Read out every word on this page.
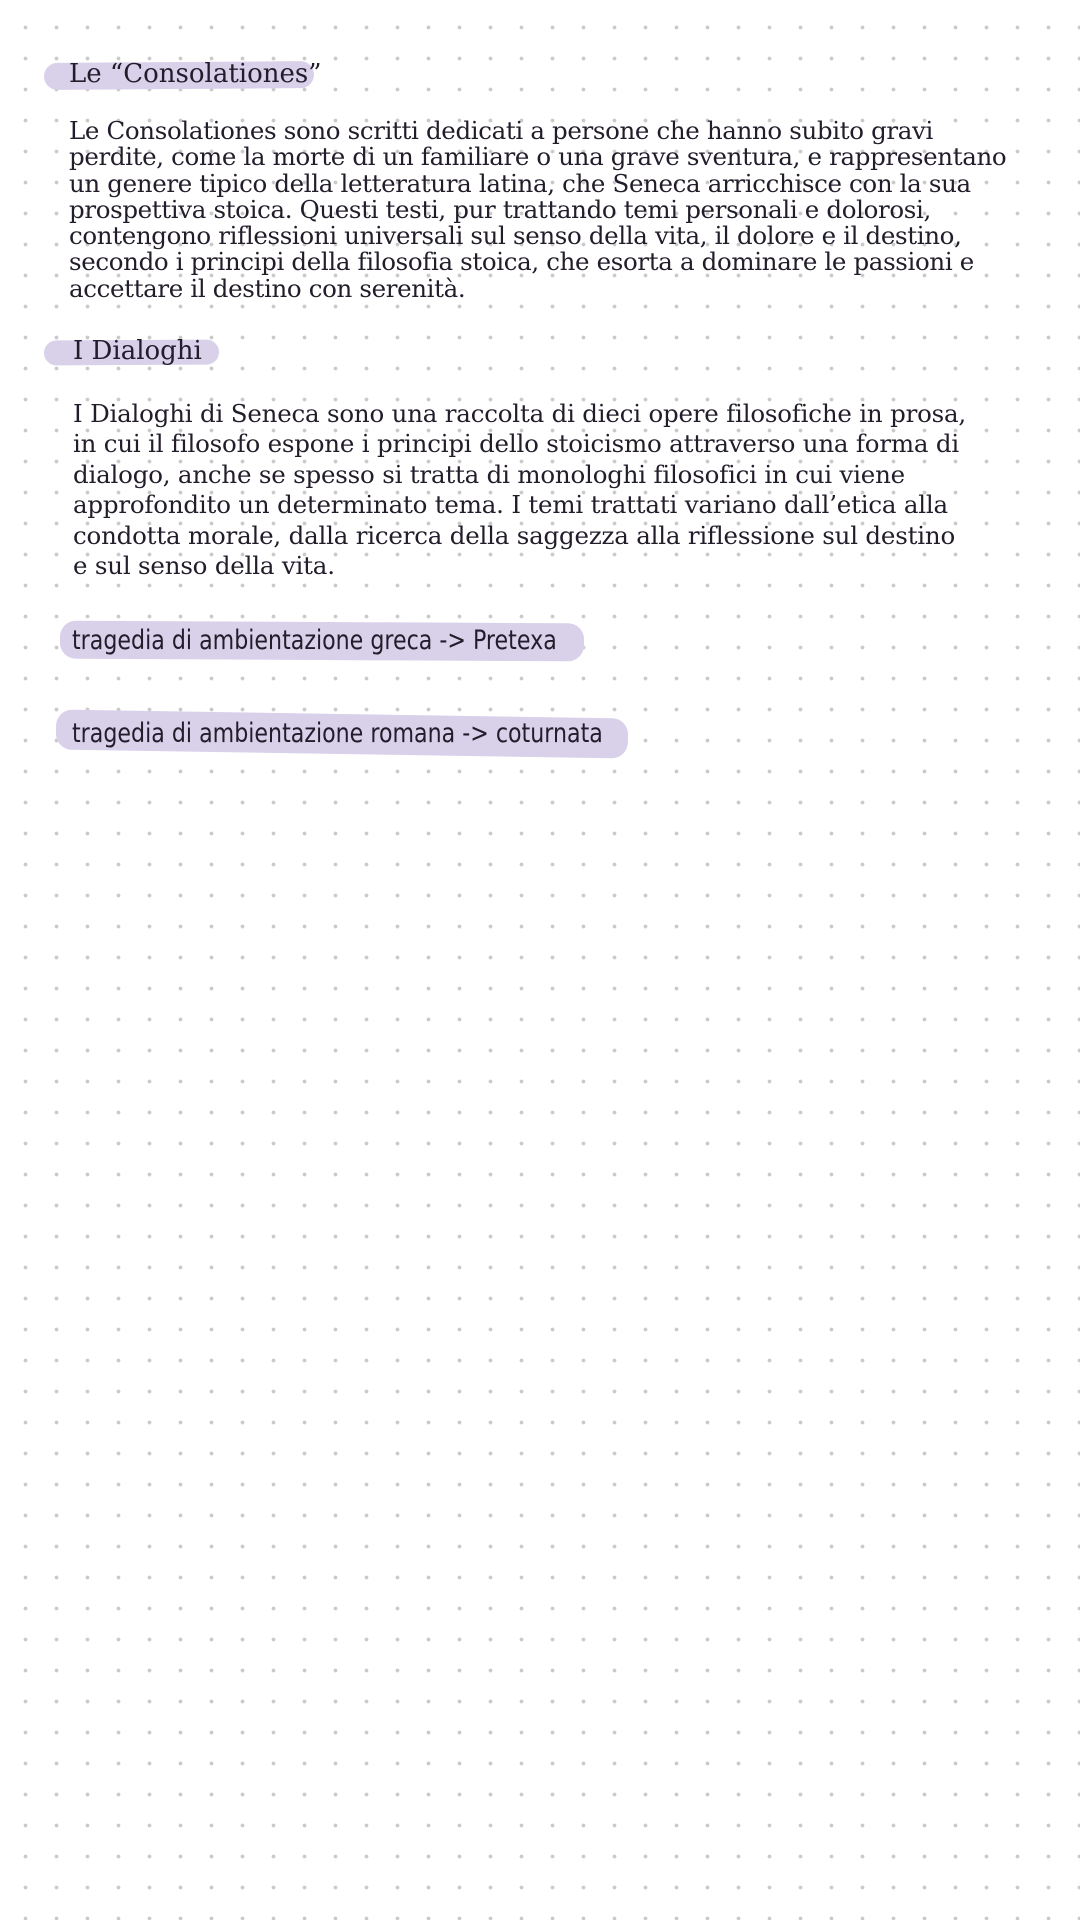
Le “Consolationes”

Le Consolationes sono scritti dedicati a persone che hanno subito gravi perdite, come la morte di un familiare o una grave sventura, e rappresentano un genere tipico della letteratura latina, che Seneca arricchisce con la sua prospettiva stoica. Questi testi, pur trattando temi personali e dolorosi, contengono riflessioni universali sul senso della vita, il dolore e il destino, secondo i principi della filosofia stoica, che esorta a dominare le passioni e accettare il destino con serenità.

I Dialoghi

I Dialoghi di Seneca sono una raccolta di dieci opere filosofiche in prosa, in cui il filosofo espone i principi dello stoicismo attraverso una forma di dialogo, anche se spesso si tratta di monologhi filosofici in cui viene approfondito un determinato tema. I temi trattati variano dall’etica alla condotta morale, dalla ricerca della saggezza alla riflessione sul destino e sul senso della vita.

tragedia di ambientazione greca -> Pretexa
tragedia di ambientazione romana -> coturnata
